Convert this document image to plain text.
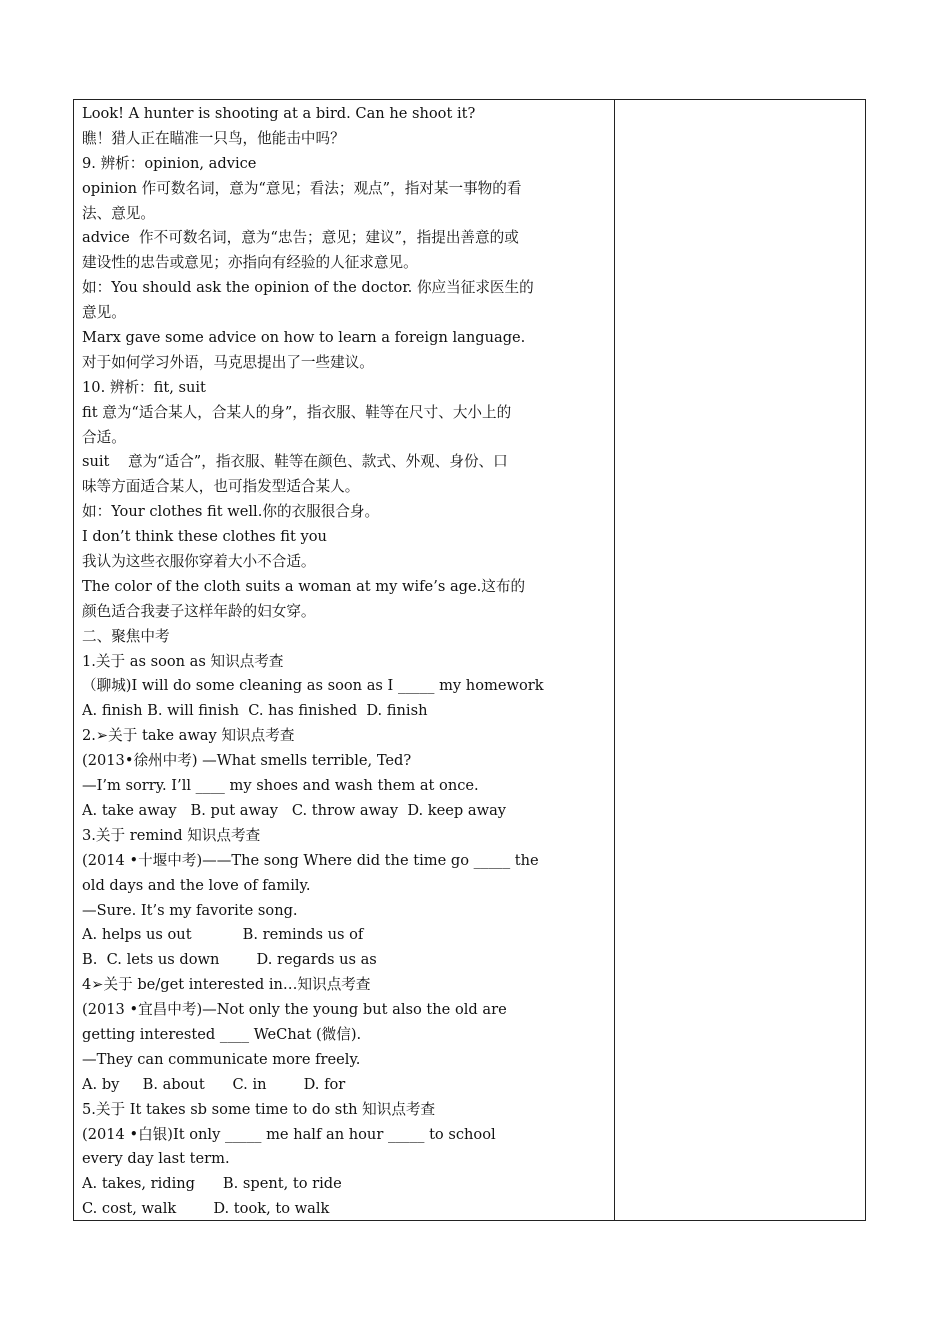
Look! A hunter is shooting at a bird. Can he shoot it?
瞧！猎人正在瞄准一只鸟，他能击中吗？
9. 辨析：opinion, advice
opinion 作可数名词，意为“意见；看法；观点”，指对某一事物的看
法、意见。
advice  作不可数名词，意为“忠告；意见；建议”，指提出善意的或
建设性的忠告或意见；亦指向有经验的人征求意见。
如：You should ask the opinion of the doctor. 你应当征求医生的
意见。
Marx gave some advice on how to learn a foreign language.
对于如何学习外语，马克思提出了一些建议。
10. 辨析：fit, suit
fit 意为“适合某人，合某人的身”，指衣服、鞋等在尺寸、大小上的
合适。
suit    意为“适合”，指衣服、鞋等在颜色、款式、外观、身份、口
味等方面适合某人，也可指发型适合某人。
如：Your clothes fit well.你的衣服很合身。
I don’t think these clothes fit you
我认为这些衣服你穿着大小不合适。
The color of the cloth suits a woman at my wife’s age.这布的
颜色适合我妻子这样年龄的妇女穿。
二、聚焦中考
1.关于 as soon as 知识点考查
（聊城)I will do some cleaning as soon as I _____ my homework
A. finish B. will finish  C. has finished  D. finish
2.➢关于 take away 知识点考查
(2013•徐州中考) —What smells terrible, Ted?
—I’m sorry. I’ll ____ my shoes and wash them at once.
A. take away   B. put away   C. throw away  D. keep away
3.关于 remind 知识点考查
(2014 •十堰中考)——The song Where did the time go _____ the
old days and the love of family.
—Sure. It’s my favorite song.
A. helps us out           B. reminds us of
B.  C. lets us down        D. regards us as
4➢关于 be/get interested in…知识点考查
(2013 •宜昌中考)—Not only the young but also the old are
getting interested ____ WeChat (微信).
—They can communicate more freely.
A. by     B. about      C. in        D. for
5.关于 It takes sb some time to do sth 知识点考查
(2014 •白银)It only _____ me half an hour _____ to school
every day last term.
A. takes, riding      B. spent, to ride
C. cost, walk        D. took, to walk
